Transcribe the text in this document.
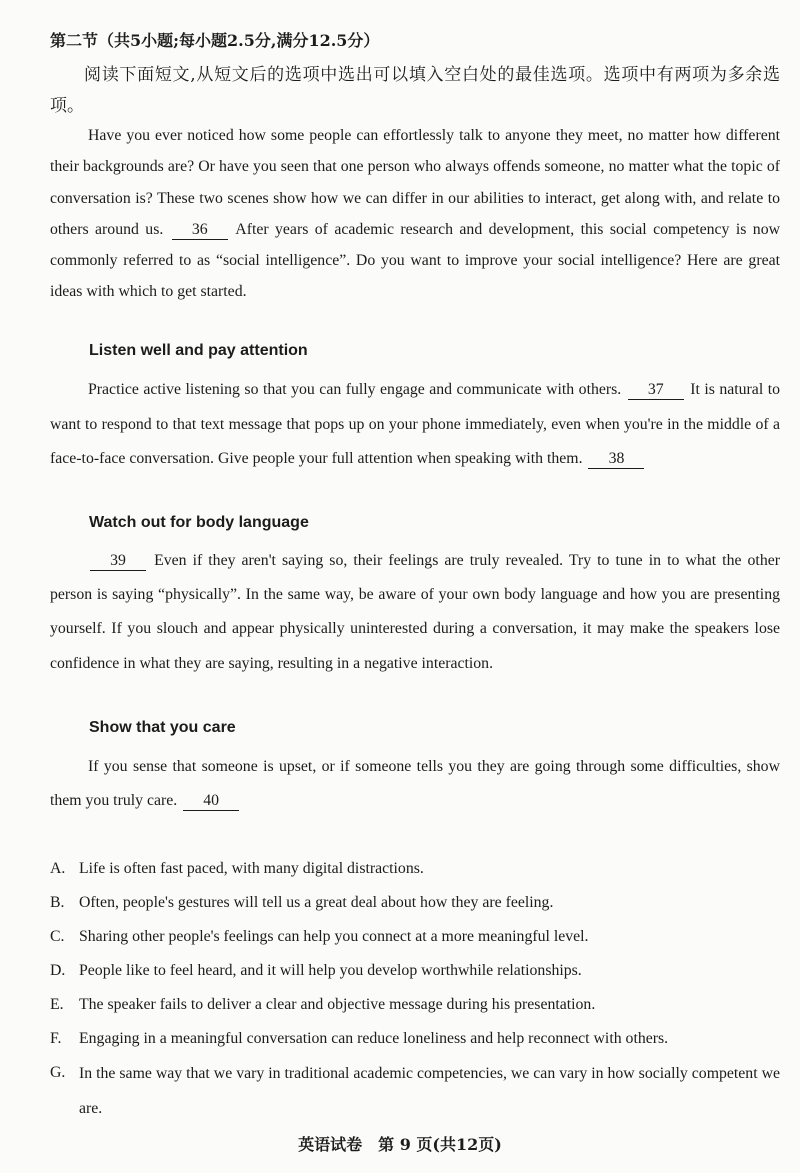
第二节（共5小题;每小题2.5分,满分12.5分）
阅读下面短文,从短文后的选项中选出可以填入空白处的最佳选项。选项中有两项为多余选项。
Have you ever noticed how some people can effortlessly talk to anyone they meet, no matter how different their backgrounds are? Or have you seen that one person who always offends someone, no matter what the topic of conversation is? These two scenes show how we can differ in our abilities to interact, get along with, and relate to others around us. 36 After years of academic research and development, this social competency is now commonly referred to as “social intelligence”. Do you want to improve your social intelligence? Here are great ideas with which to get started.
Listen well and pay attention
Practice active listening so that you can fully engage and communicate with others. 37 It is natural to want to respond to that text message that pops up on your phone immediately, even when you're in the middle of a face-to-face conversation. Give people your full attention when speaking with them. 38
Watch out for body language
39 Even if they aren't saying so, their feelings are truly revealed. Try to tune in to what the other person is saying “physically”. In the same way, be aware of your own body language and how you are presenting yourself. If you slouch and appear physically uninterested during a conversation, it may make the speakers lose confidence in what they are saying, resulting in a negative interaction.
Show that you care
If you sense that someone is upset, or if someone tells you they are going through some difficulties, show them you truly care. 40
A. Life is often fast paced, with many digital distractions.
B. Often, people's gestures will tell us a great deal about how they are feeling.
C. Sharing other people's feelings can help you connect at a more meaningful level.
D. People like to feel heard, and it will help you develop worthwhile relationships.
E. The speaker fails to deliver a clear and objective message during his presentation.
F.	Engaging in a meaningful conversation can reduce loneliness and help reconnect with others.
G. In the same way that we vary in traditional academic competencies, we can vary in how socially competent we are.
英语试卷　第 9 页(共12页)
